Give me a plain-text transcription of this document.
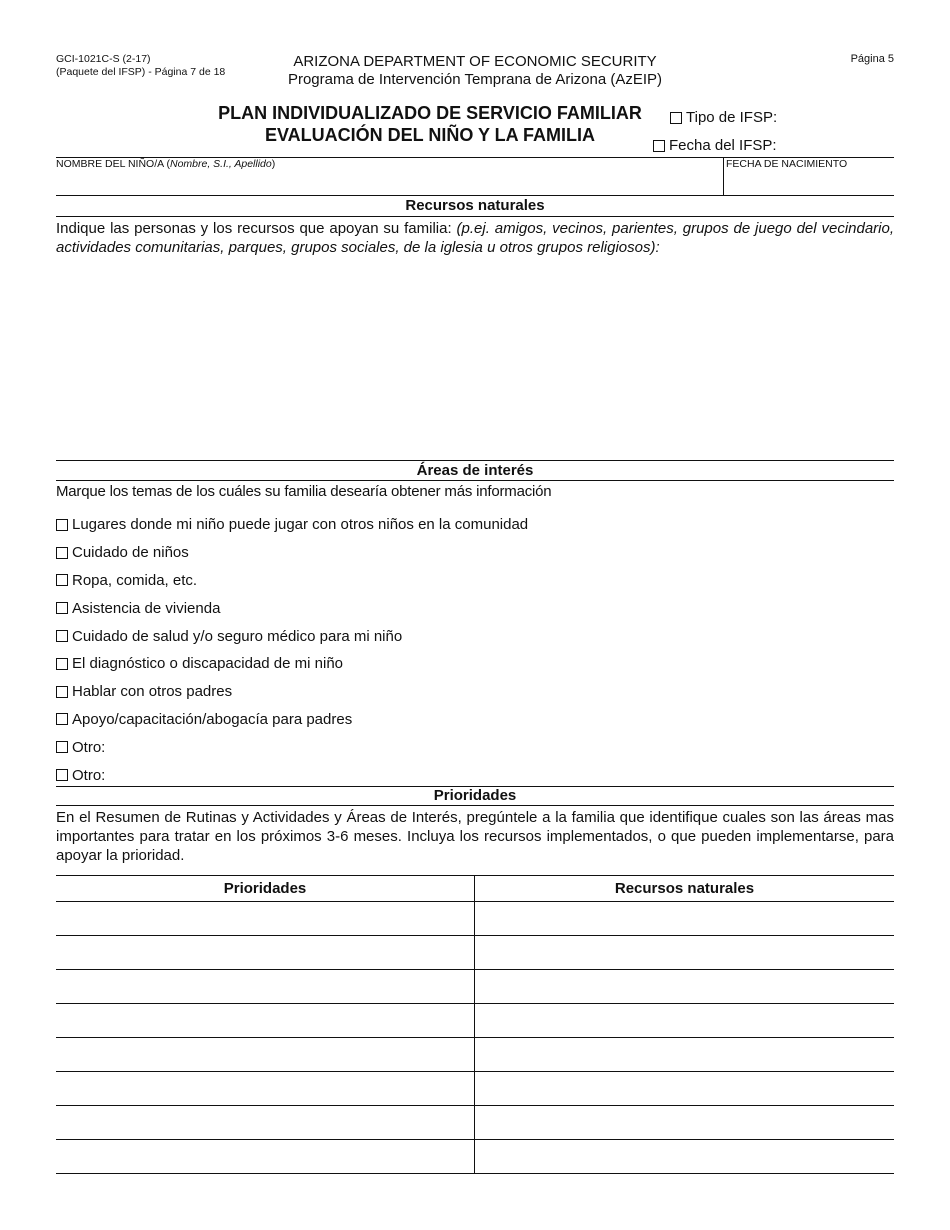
GCI-1021C-S (2-17)
(Paquete del IFSP) - Página 7 de 18
ARIZONA DEPARTMENT OF ECONOMIC SECURITY
Programa de Intervención Temprana de Arizona (AzEIP)
Página 5
PLAN INDIVIDUALIZADO DE SERVICIO FAMILIAR
EVALUACIÓN DEL NIÑO Y LA FAMILIA
Tipo de IFSP:
Fecha del IFSP:
NOMBRE DEL NIÑO/A (Nombre, S.I., Apellido)	FECHA DE NACIMIENTO
Recursos naturales
Indique las personas y los recursos que apoyan su familia: (p.ej. amigos, vecinos, parientes, grupos de juego del vecindario, actividades comunitarias, parques, grupos sociales, de la iglesia u otros grupos religiosos):
Áreas de interés
Marque los temas de los cuáles su familia desearía obtener más información
Lugares donde mi niño puede jugar con otros niños en la comunidad
Cuidado de niños
Ropa, comida, etc.
Asistencia de vivienda
Cuidado de salud y/o seguro médico para mi niño
El diagnóstico o discapacidad de mi niño
Hablar con otros padres
Apoyo/capacitación/abogacía para padres
Otro:
Otro:
Prioridades
En el Resumen de Rutinas y Actividades y Áreas de Interés, pregúntele a la familia que identifique cuales son las áreas mas importantes para tratar en los próximos 3-6 meses. Incluya los recursos implementados, o que pueden implementarse, para apoyar la prioridad.
Prioridades	Recursos naturales
